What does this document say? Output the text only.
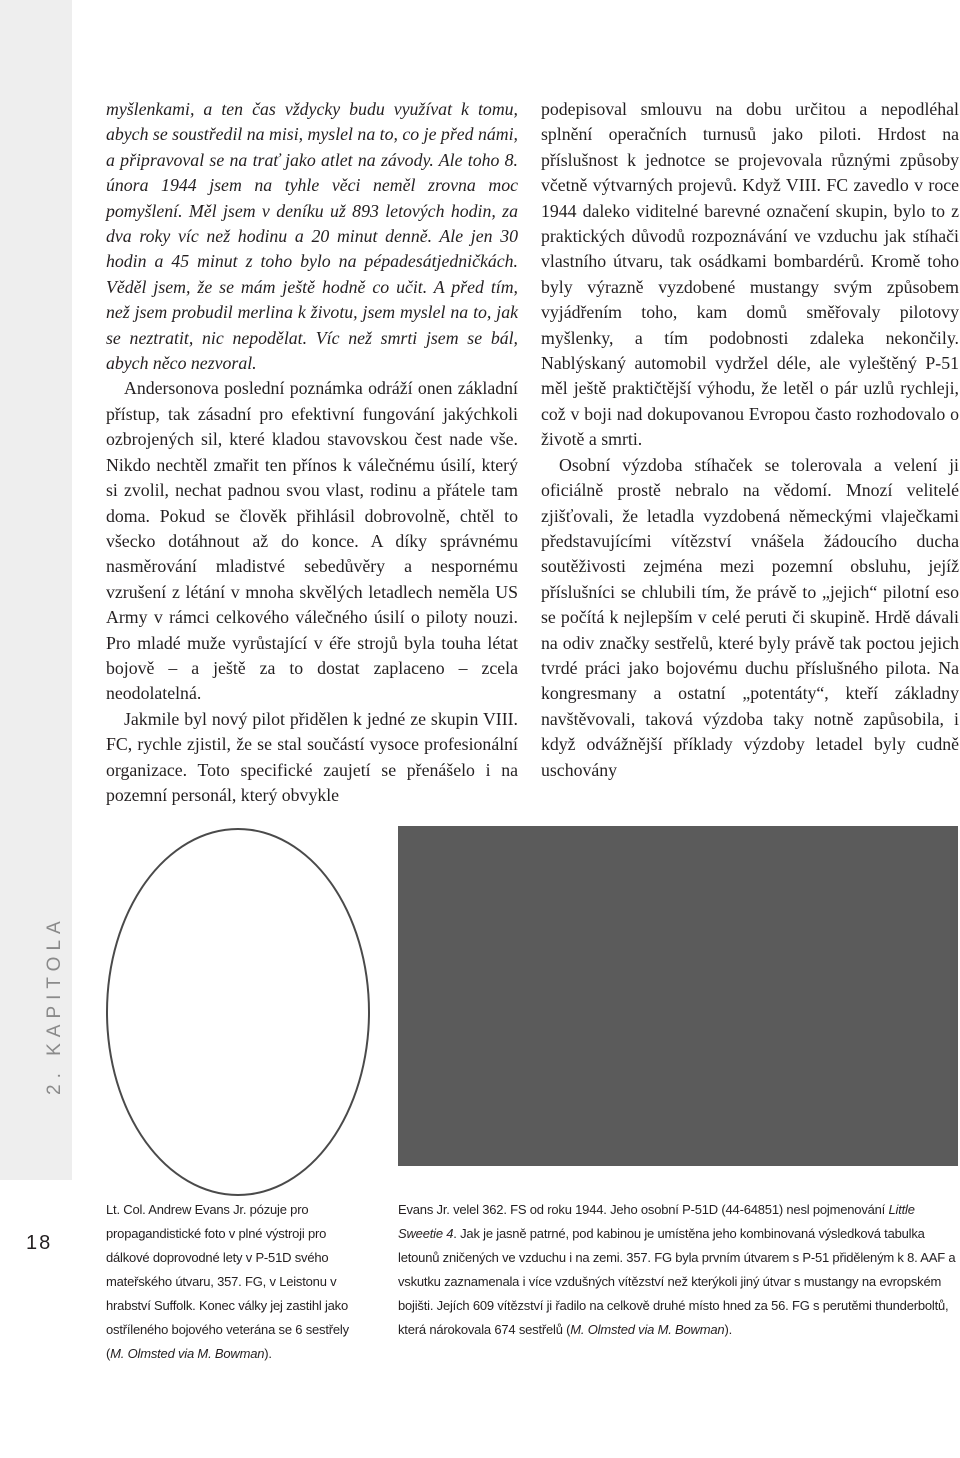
2. KAPITOLA
18

myšlenkami, a ten čas vždycky budu využívat k tomu, abych se soustředil na misi, myslel na to, co je před námi, a připravoval se na trať jako atlet na závody. Ale toho 8. února 1944 jsem na tyhle věci neměl zrovna moc pomyšlení. Měl jsem v deníku už 893 letových hodin, za dva roky víc než hodinu a 20 minut denně. Ale jen 30 hodin a 45 minut z toho bylo na pépadesátjedničkách. Věděl jsem, že se mám ještě hodně co učit. A před tím, než jsem probudil merlina k životu, jsem myslel na to, jak se neztratit, nic nepodělat. Víc než smrti jsem se bál, abych něco nezvoral.

Andersonova poslední poznámka odráží onen základní přístup, tak zásadní pro efektivní fungování jakýchkoli ozbrojených sil, které kladou stavovskou čest nade vše. Nikdo nechtěl zmařit ten přínos k válečnému úsilí, který si zvolil, nechat padnou svou vlast, rodinu a přátele tam doma. Pokud se člověk přihlásil dobrovolně, chtěl to všecko dotáhnout až do konce. A díky správnému nasměrování mladistvé sebedůvěry a nespornému vzrušení z létání v mnoha skvělých letadlech neměla US Army v rámci celkového válečného úsilí o piloty nouzi. Pro mladé muže vyrůstající v éře strojů byla touha létat bojově – a ještě za to dostat zaplaceno – zcela neodolatelná.

Jakmile byl nový pilot přidělen k jedné ze skupin VIII. FC, rychle zjistil, že se stal součástí vysoce profesionální organizace. Toto specifické zaujetí se přenášelo i na pozemní personál, který obvykle

podepisoval smlouvu na dobu určitou a nepodléhal splnění operačních turnusů jako piloti. Hrdost na příslušnost k jednotce se projevovala různými způsoby včetně výtvarných projevů. Když VIII. FC zavedlo v roce 1944 daleko viditelné barevné označení skupin, bylo to z praktických důvodů rozpoznávání ve vzduchu jak stíhači vlastního útvaru, tak osádkami bombardérů. Kromě toho byly výrazně vyzdobené mustangy svým způsobem vyjádřením toho, kam domů směřovaly pilotovy myšlenky, a tím podobnosti zdaleka nekončily. Nablýskaný automobil vydržel déle, ale vyleštěný P-51 měl ještě praktičtější výhodu, že letěl o pár uzlů rychleji, což v boji nad dokupovanou Evropou často rozhodovalo o životě a smrti.

Osobní výzdoba stíhaček se tolerovala a velení ji oficiálně prostě nebralo na vědomí. Mnozí velitelé zjišťovali, že letadla vyzdobená německými vlaječkami představujícími vítězství vnášela žádoucího ducha soutěživosti zejména mezi pozemní obsluhu, jejíž příslušníci se chlubili tím, že právě to „jejich“ pilotní eso se počítá k nejlepším v celé peruti či skupině. Hrdě dávali na odiv značky sestřelů, které byly právě tak poctou jejich tvrdé práci jako bojovému duchu příslušného pilota. Na kongresmany a ostatní „potentáty“, kteří základny navštěvovali, taková výzdoba taky notně zapůsobila, i když odvážnější příklady výzdoby letadel byly cudně uschovány

Lt. Col. Andrew Evans Jr. pózuje pro propagandistické foto v plné výstroji pro dálkové doprovodné lety v P-51D svého mateřského útvaru, 357. FG, v Leistonu v hrabství Suffolk. Konec války jej zastihl jako ostříleného bojového veterána se 6 sestřely (M. Olmsted via M. Bowman).
Evans Jr. velel 362. FS od roku 1944. Jeho osobní P-51D (44-64851) nesl pojmenování Little Sweetie 4. Jak je jasně patrné, pod kabinou je umístěna jeho kombinovaná výsledková tabulka letounů zničených ve vzduchu i na zemi. 357. FG byla prvním útvarem s P-51 přiděleným k 8. AAF a vskutku zaznamenala i více vzdušných vítězství než kterýkoli jiný útvar s mustangy na evropském bojišti. Jejích 609 vítězství ji řadilo na celkově druhé místo hned za 56. FG s perutěmi thunderboltů, která nárokovala 674 sestřelů (M. Olmsted via M. Bowman).
